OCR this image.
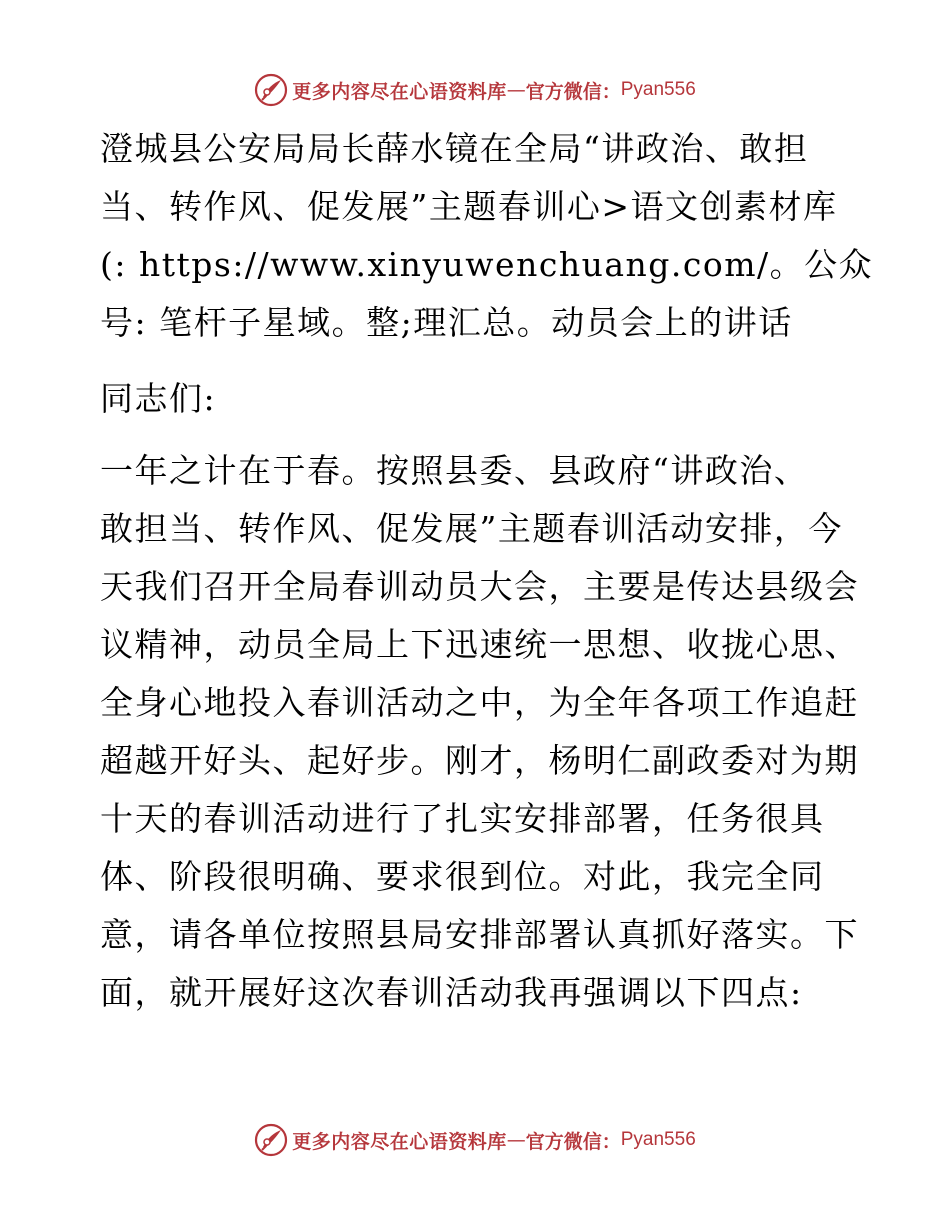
更多内容尽在心语资料库 — 官方微信： Pyan556
澄城县公安局局长薛水镜在全局“讲政治、敢担
当、转作风、促发展”主题春训心>语文创素材库
(: https://www.xinyuwenchuang.com/。公众
号: 笔杆子星域。整;理汇总。动员会上的讲话
同志们:
一年之计在于春。按照县委、县政府“讲政治、
敢担当、转作风、促发展”主题春训活动安排，今
天我们召开全局春训动员大会，主要是传达县级会
议精神，动员全局上下迅速统一思想、收拢心思、
全身心地投入春训活动之中，为全年各项工作追赶
超越开好头、起好步。刚才，杨明仁副政委对为期
十天的春训活动进行了扎实安排部署，任务很具
体、阶段很明确、要求很到位。对此，我完全同
意，请各单位按照县局安排部署认真抓好落实。下
面，就开展好这次春训活动我再强调以下四点:
更多内容尽在心语资料库 — 官方微信： Pyan556
